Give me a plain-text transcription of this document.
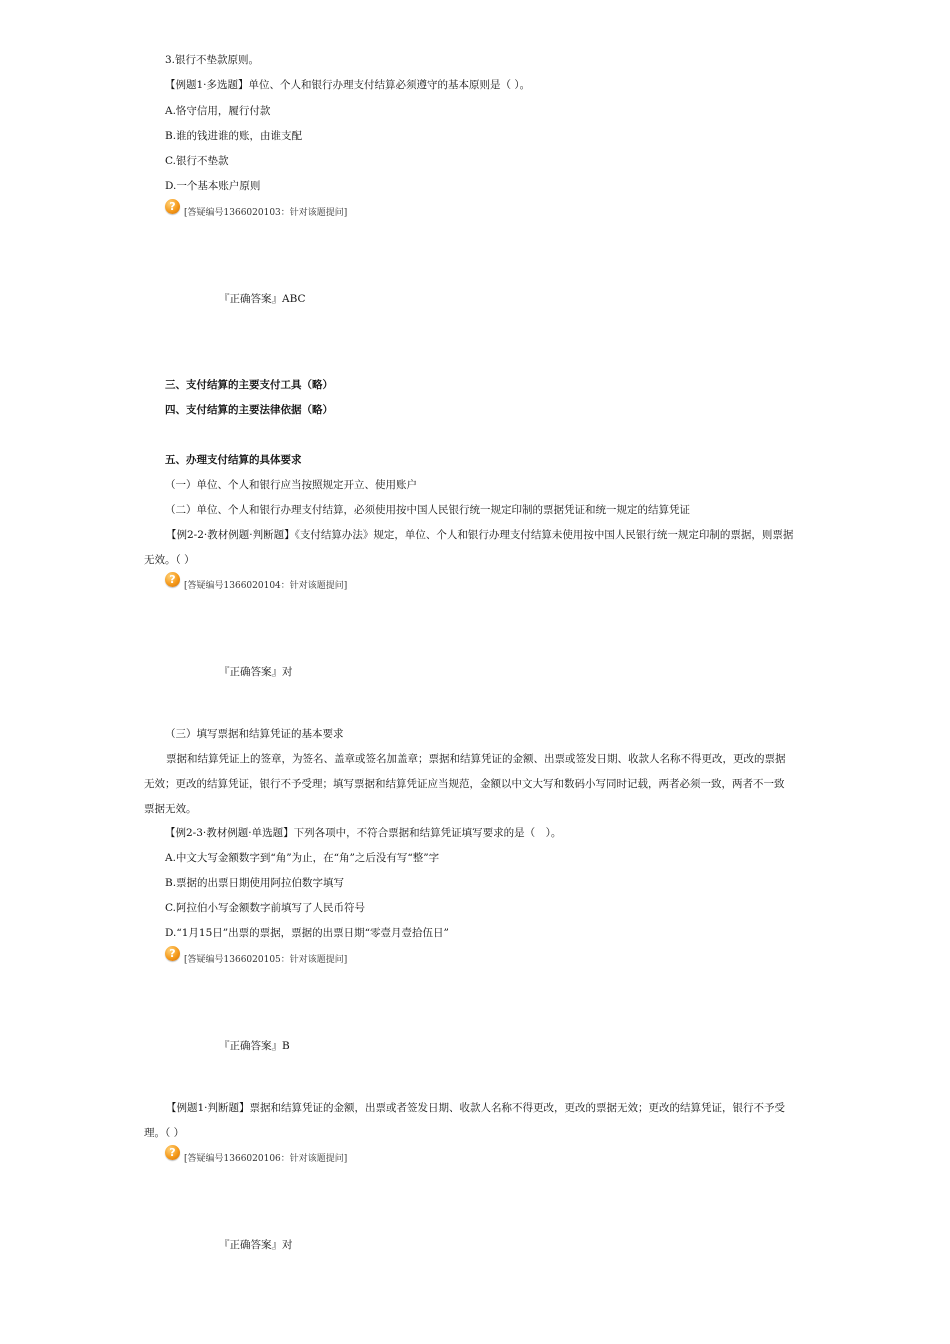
3.银行不垫款原则。
【例题1·多选题】单位、个人和银行办理支付结算必须遵守的基本原则是（ ）。
A.恪守信用，履行付款
B.谁的钱进谁的账，由谁支配
C.银行不垫款
D.一个基本账户原则
? [答疑编号1366020103：针对该题提问]
『正确答案』ABC
三、支付结算的主要支付工具（略）
四、支付结算的主要法律依据（略）
五、办理支付结算的具体要求
（一）单位、个人和银行应当按照规定开立、使用账户
（二）单位、个人和银行办理支付结算，必须使用按中国人民银行统一规定印制的票据凭证和统一规定的结算凭证
【例2-2·教材例题·判断题】《支付结算办法》规定，单位、个人和银行办理支付结算未使用按中国人民银行统一规定印制的票据，则票据无效。（ ）
? [答疑编号1366020104：针对该题提问]
『正确答案』对
（三）填写票据和结算凭证的基本要求
票据和结算凭证上的签章，为签名、盖章或签名加盖章；票据和结算凭证的金额、出票或签发日期、收款人名称不得更改，更改的票据无效；更改的结算凭证，银行不予受理；填写票据和结算凭证应当规范，金额以中文大写和数码小写同时记载，两者必须一致，两者不一致票据无效。
【例2-3·教材例题·单选题】下列各项中，不符合票据和结算凭证填写要求的是（　）。
A.中文大写金额数字到“角”为止，在“角”之后没有写“整”字
B.票据的出票日期使用阿拉伯数字填写
C.阿拉伯小写金额数字前填写了人民币符号
D.“1月15日”出票的票据，票据的出票日期“零壹月壹拾伍日”
? [答疑编号1366020105：针对该题提问]
『正确答案』B
【例题1·判断题】票据和结算凭证的金额，出票或者签发日期、收款人名称不得更改，更改的票据无效；更改的结算凭证，银行不予受理。（ ）
? [答疑编号1366020106：针对该题提问]
『正确答案』对
